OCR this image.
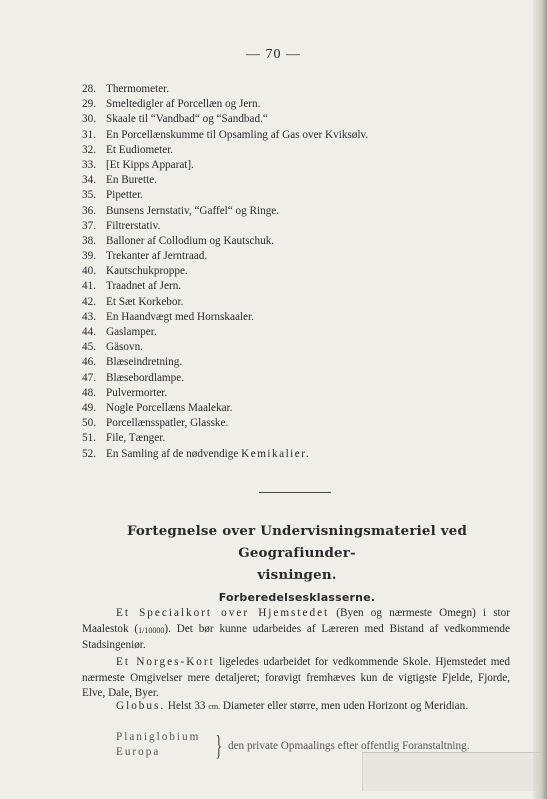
— 70 —
28. Thermometer.
29. Smeltedigler af Porcellæn og Jern.
30. Skaale til “Vandbad“ og “Sandbad.“
31. En Porcellænskumme til Opsamling af Gas over Kviksølv.
32. Et Eudiometer.
33. [Et Kipps Apparat].
34. En Burette.
35. Pipetter.
36. Bunsens Jernstativ, “Gaffel“ og Ringe.
37. Filtrerstativ.
38. Balloner af Collodium og Kautschuk.
39. Trekanter af Jerntraad.
40. Kautschukproppe.
41. Traadnet af Jern.
42. Et Sæt Korkebor.
43. En Haandvægt med Hornskaaler.
44. Gaslamper.
45. Gäsovn.
46. Blæseindretning.
47. Blæsebordlampe.
48. Pulvermorter.
49. Nogle Porcellæns Maalekar.
50. Porcellænsspatler, Glasske.
51. File, Tænger.
52. En Samling af de nødvendige Kemikalier.
Fortegnelse over Undervisningsmateriel ved Geografiunder-
visningen.
Forberedelsesklasserne.

Et Specialkort over Hjemstedet (Byen og nærmeste Omegn) i stor Maalestok (1/10000). Det bør kunne udarbeides af Læreren med Bistand af vedkommende Stadsingeniør.

Et Norges-Kort ligeledes udarbeidet for vedkommende Skole. Hjemstedet med nærmeste Omgivelser mere detaljeret; forøvigt fremhæves kun de vigtigste Fjelde, Fjorde, Elve, Dale, Byer.

Globus. Helst 33 cm. Diameter eller større, men uden Horizont og Meridian.

Planiglobium
Europa	} den private Opmaalings efter offentlig Foranstaltning.
